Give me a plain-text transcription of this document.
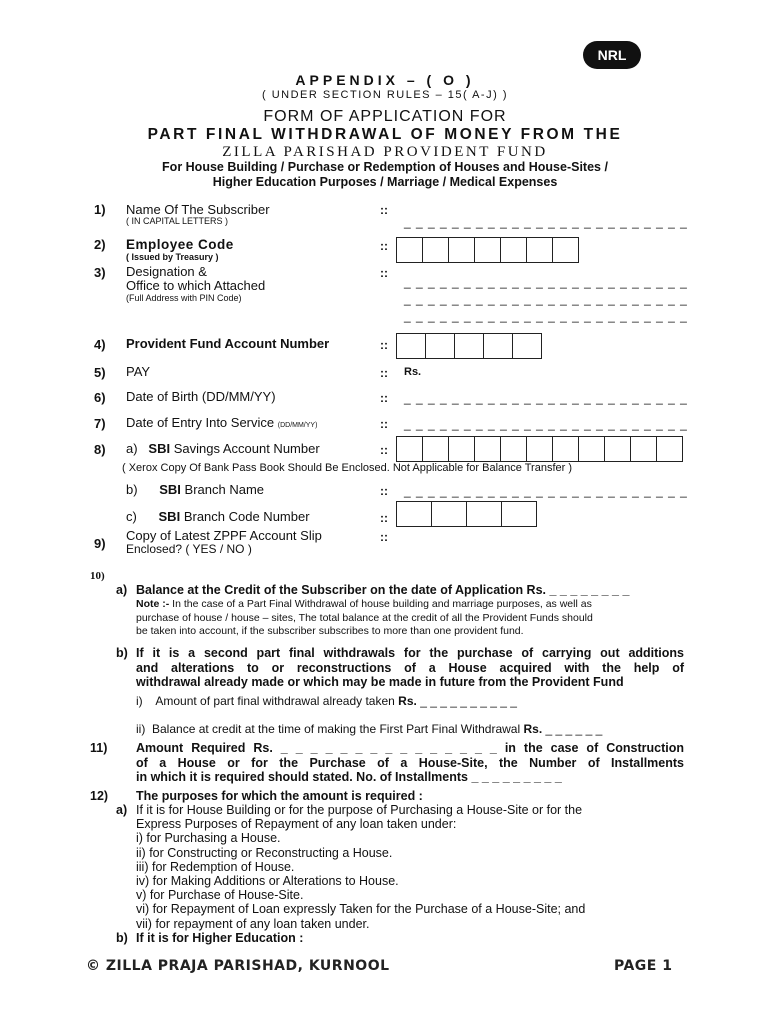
NRL
APPENDIX – ( O )
( UNDER SECTION RULES – 15( A-J) )
FORM OF APPLICATION FOR
PART FINAL WITHDRAWAL OF MONEY FROM THE
ZILLA PARISHAD PROVIDENT FUND
For House Building / Purchase or Redemption of Houses and House-Sites /
Higher Education Purposes / Marriage / Medical Expenses
1) Name Of The Subscriber
( IN CAPITAL LETTERS )
::
_ _ _ _ _ _ _ _ _ _ _ _ _ _ _ _ _ _ _ _ _ _ _ _
2) Employee Code
( Issued by Treasury )
::
3) Designation &
Office to which Attached
(Full Address with PIN Code)
::
_ _ _ _ _ _ _ _ _ _ _ _ _ _ _ _ _ _ _ _ _ _ _ _
_ _ _ _ _ _ _ _ _ _ _ _ _ _ _ _ _ _ _ _ _ _ _ _
_ _ _ _ _ _ _ _ _ _ _ _ _ _ _ _ _ _ _ _ _ _ _ _
4) Provident Fund Account Number	::
5) PAY	:: Rs.
6) Date of Birth (DD/MM/YY)	:: _ _ _ _ _ _ _ _ _ _ _ _ _ _ _ _ _ _ _ _ _ _ _ _
7) Date of Entry Into Service (DD/MM/YY)	:: _ _ _ _ _ _ _ _ _ _ _ _ _ _ _ _ _ _ _ _ _ _ _ _
8) a) SBI Savings Account Number	::
( Xerox Copy Of Bank Pass Book Should Be Enclosed. Not Applicable for Balance Transfer )
b) SBI Branch Name	:: _ _ _ _ _ _ _ _ _ _ _ _ _ _ _ _ _ _ _ _ _ _ _ _
c) SBI Branch Code Number	::
9)
Copy of Latest ZPPF Account Slip
Enclosed? ( YES / NO )
::
10)
a) Balance at the Credit of the Subscriber on the date of Application Rs. _ _ _ _ _ _ _ _
Note :- In the case of a Part Final Withdrawal of house building and marriage purposes, as well as
purchase of house / house – sites, The total balance at the credit of all the Provident Funds should
be taken into account, if the subscriber subscribes to more than one provident fund.
b) If it is a second part final withdrawals for the purchase of carrying out additions
and alterations to or reconstructions of a House acquired with the help of
withdrawal already made or which may be made in future from the Provident Fund
i) Amount of part final withdrawal already taken Rs. _ _ _ _ _ _ _ _ _ _
ii) Balance at credit at the time of making the First Part Final Withdrawal Rs. _ _ _ _ _ _
11) Amount Required Rs. _ _ _ _ _ _ _ _ _ _ _ _ _ _ _ in the case of Construction
of a House or for the Purchase of a House-Site, the Number of Installments
in which it is required should stated. No. of Installments _ _ _ _ _ _ _ _ _
12) The purposes for which the amount is required :
a) If it is for House Building or for the purpose of Purchasing a House-Site or for the
Express Purposes of Repayment of any loan taken under:
i) for Purchasing a House.
ii) for Constructing or Reconstructing a House.
iii) for Redemption of House.
iv) for Making Additions or Alterations to House.
v) for Purchase of House-Site.
vi) for Repayment of Loan expressly Taken for the Purchase of a House-Site; and
vii) for repayment of any loan taken under.
b) If it is for Higher Education :
© ZILLA PRAJA PARISHAD, KURNOOL	PAGE 1
